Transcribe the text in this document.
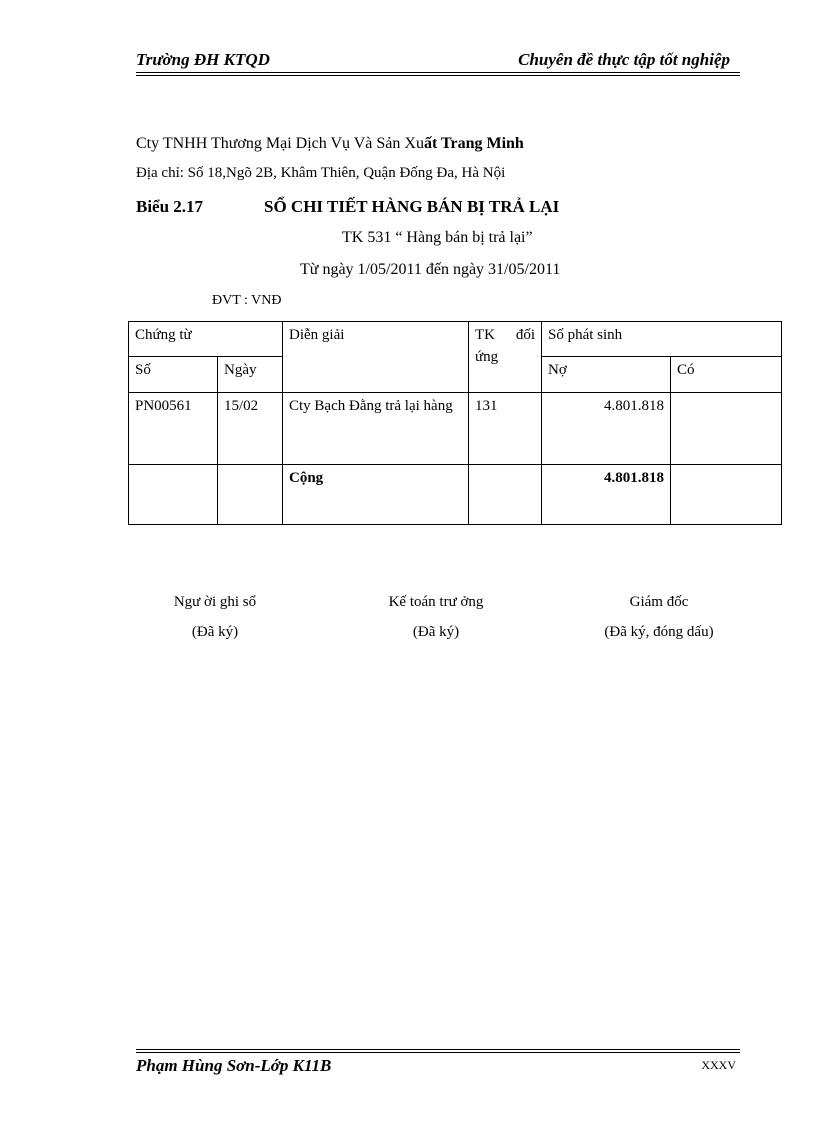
Trường ĐH KTQD	Chuyên đề thực tập tốt nghiệp
Cty TNHH Thương Mại Dịch Vụ Và Sản Xuất Trang Minh
Địa chỉ: Số 18,Ngõ 2B, Khâm Thiên, Quận Đống Đa, Hà Nội
Biểu 2.17	SỔ CHI TIẾT HÀNG BÁN BỊ TRẢ LẠI
TK 531 “ Hàng bán bị trả lại”
Từ ngày 1/05/2011 đến ngày 31/05/2011
ĐVT : VNĐ
Chứng từ		Diễn giải	TK đối ứng	Số phát sinh	
Số	Ngày			Nợ	Có
PN00561	15/02	Cty Bạch Đằng trả lại hàng	131	4.801.818	
		Cộng		4.801.818	
Ngư ời ghi sổ
(Đã ký)
Kế toán trư ởng
(Đã ký)
Giám đốc
(Đã ký, đóng dấu)
Phạm Hùng Sơn-Lớp K11B	XXXV
